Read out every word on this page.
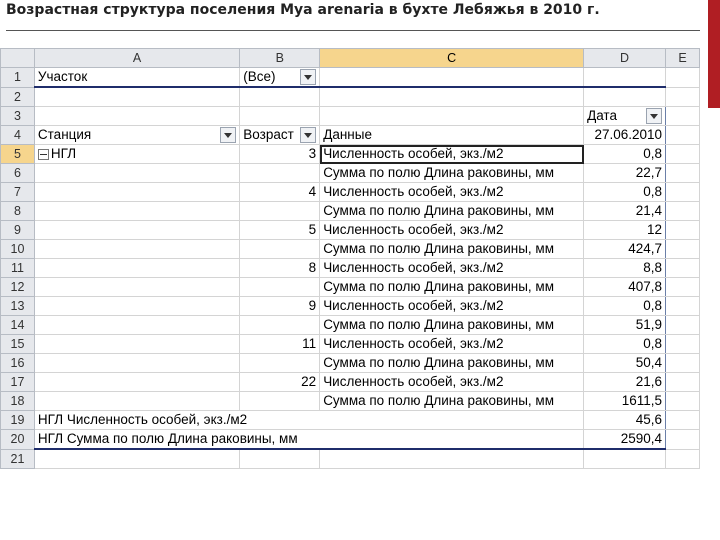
Возрастная структура поселения Mya arenaria в бухте Лебяжья в 2010 г.
	A	B	C	D	E
1	Участок	(Все)

2					
3				Дата

4	Станция	Возраст	Данные	27.06.2010	
5	НГЛ	3	Численность особей, экз./м2	0,8	
6			Сумма по полю Длина раковины, мм	22,7	
7		4	Численность особей, экз./м2	0,8	
8			Сумма по полю Длина раковины, мм	21,4	
9		5	Численность особей, экз./м2	12	
10			Сумма по полю Длина раковины, мм	424,7	
11		8	Численность особей, экз./м2	8,8	
12			Сумма по полю Длина раковины, мм	407,8	
13		9	Численность особей, экз./м2	0,8	
14			Сумма по полю Длина раковины, мм	51,9	
15		11	Численность особей, экз./м2	0,8	
16			Сумма по полю Длина раковины, мм	50,4	
17		22	Численность особей, экз./м2	21,6	
18			Сумма по полю Длина раковины, мм	1611,5	
19	НГЛ Численность особей, экз./м2			45,6	
20	НГЛ Сумма по полю Длина раковины, мм			2590,4	
21					
